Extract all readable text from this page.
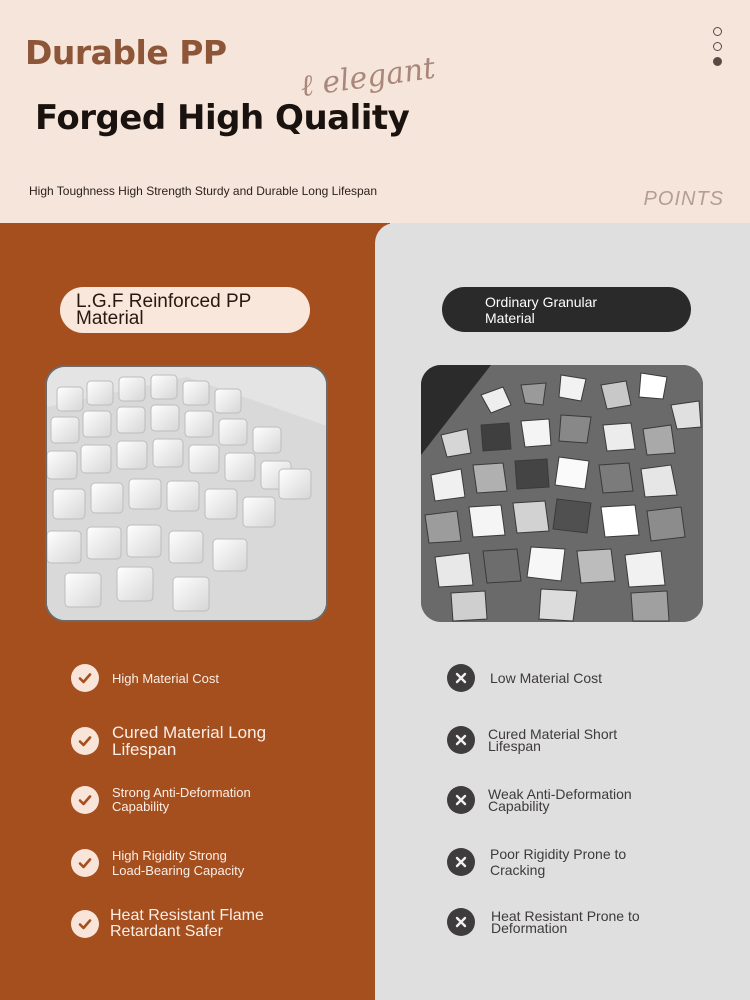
Durable PP
Forged High Quality
ℓ elegant
High Toughness High Strength Sturdy and Durable Long Lifespan	POINTS
L.G.F Reinforced PP Material
Ordinary Granular Material
High Material Cost
Cured Material Long Lifespan
Strong Anti-Deformation Capability
High Rigidity Strong Load-Bearing Capacity
Heat Resistant Flame Retardant Safer
Low Material Cost
Cured Material Short Lifespan
Weak Anti-Deformation Capability
Poor Rigidity Prone to Cracking
Heat Resistant Prone to Deformation
